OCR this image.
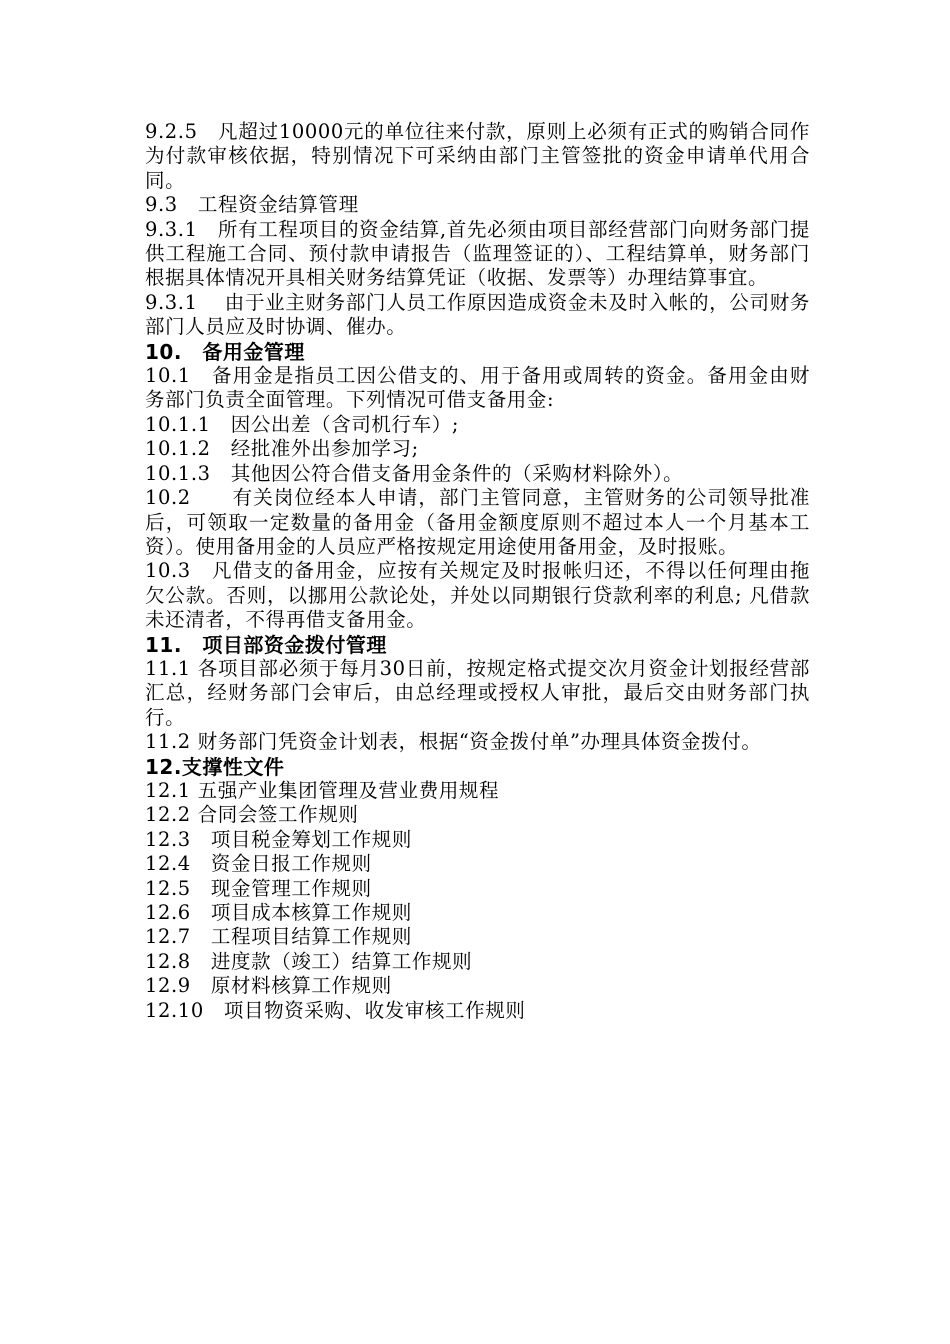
9.2.5　凡超过10000元的单位往来付款，原则上必须有正式的购销合同作为付款审核依据，特别情况下可采纳由部门主管签批的资金申请单代用合同。

9.3　工程资金结算管理

9.3.1　所有工程项目的资金结算,首先必须由项目部经营部门向财务部门提供工程施工合同、预付款申请报告（监理签证的）、工程结算单，财务部门根据具体情况开具相关财务结算凭证（收据、发票等）办理结算事宜。

9.3.1　 由于业主财务部门人员工作原因造成资金未及时入帐的，公司财务部门人员应及时协调、催办。

10.　备用金管理

10.1　备用金是指员工因公借支的、用于备用或周转的资金。备用金由财务部门负责全面管理。下列情况可借支备用金:

10.1.1　因公出差（含司机行车）;

10.1.2　经批准外出参加学习;

10.1.3　其他因公符合借支备用金条件的（采购材料除外）。

10.2　　有关岗位经本人申请，部门主管同意，主管财务的公司领导批准后，可领取一定数量的备用金（备用金额度原则不超过本人一个月基本工资）。使用备用金的人员应严格按规定用途使用备用金，及时报账。

10.3　凡借支的备用金，应按有关规定及时报帐归还，不得以任何理由拖欠公款。否则，以挪用公款论处，并处以同期银行贷款利率的利息; 凡借款未还清者，不得再借支备用金。

11.　项目部资金拨付管理

11.1 各项目部必须于每月30日前，按规定格式提交次月资金计划报经营部汇总，经财务部门会审后，由总经理或授权人审批，最后交由财务部门执行。

11.2 财务部门凭资金计划表，根据“资金拨付单”办理具体资金拨付。

12.支撑性文件

12.1 五强产业集团管理及营业费用规程

12.2 合同会签工作规则

12.3　项目税金筹划工作规则

12.4　资金日报工作规则

12.5　现金管理工作规则

12.6　项目成本核算工作规则

12.7　工程项目结算工作规则

12.8　进度款（竣工）结算工作规则

12.9　原材料核算工作规则

12.10　项目物资采购、收发审核工作规则
